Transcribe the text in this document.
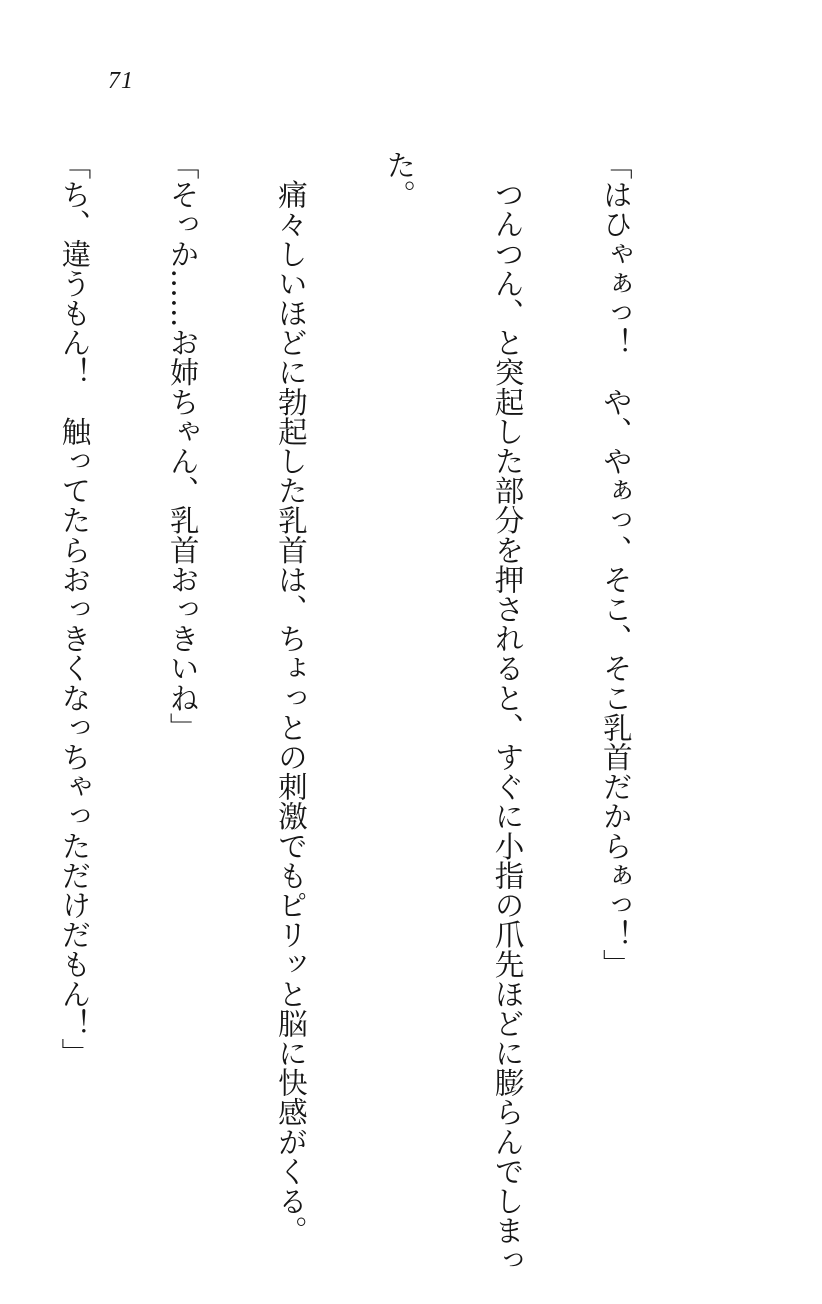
71

「はひゃぁっ！　や、やぁっ、そこ、そこ乳首だからぁっ！」

　つんつん、と突起した部分を押されると、すぐに小指の爪先ほどに膨らんでしまっ

た。

　痛々しいほどに勃起した乳首は、ちょっとの刺激でもピリッと脳に快感がくる。

「そっか……お姉ちゃん、乳首おっきいね」

「ち、違うもん！　触ってたらおっきくなっちゃっただけだもん！」
